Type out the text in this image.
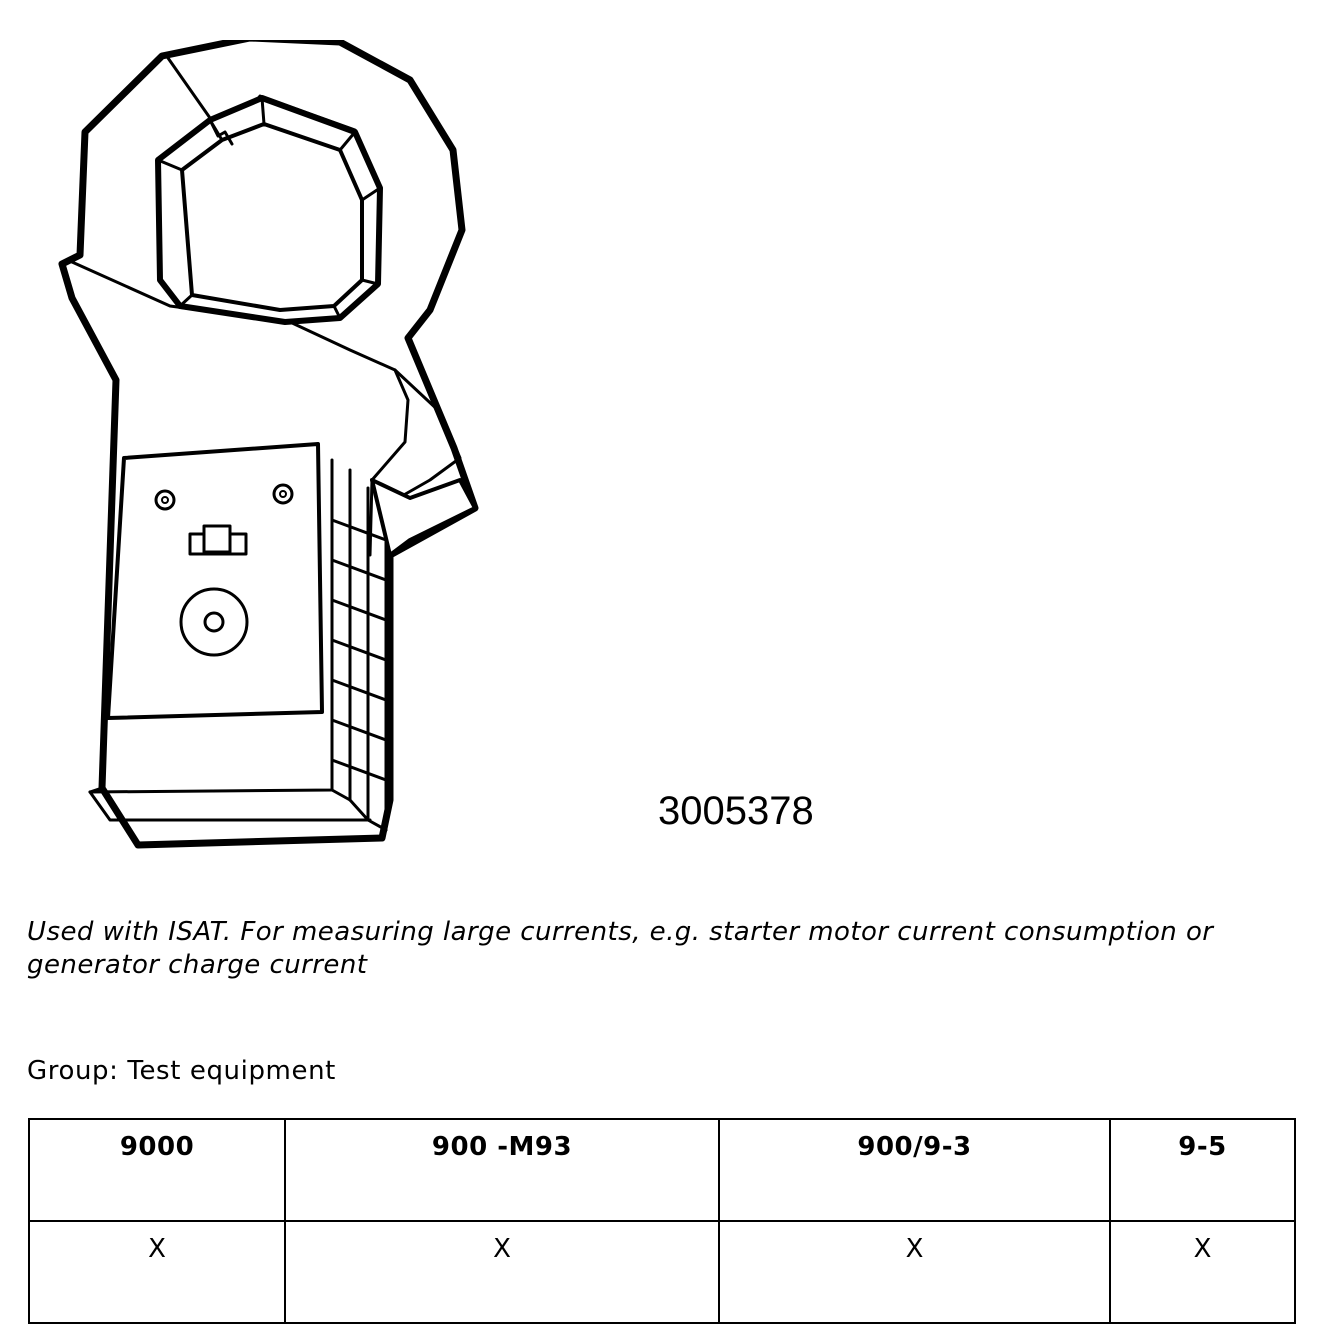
3005378
Used with ISAT. For measuring large currents, e.g. starter motor current consumption or generator charge current
Group: Test equipment
9000	900 -M93	900/9-3	9-5
X	X	X	X
